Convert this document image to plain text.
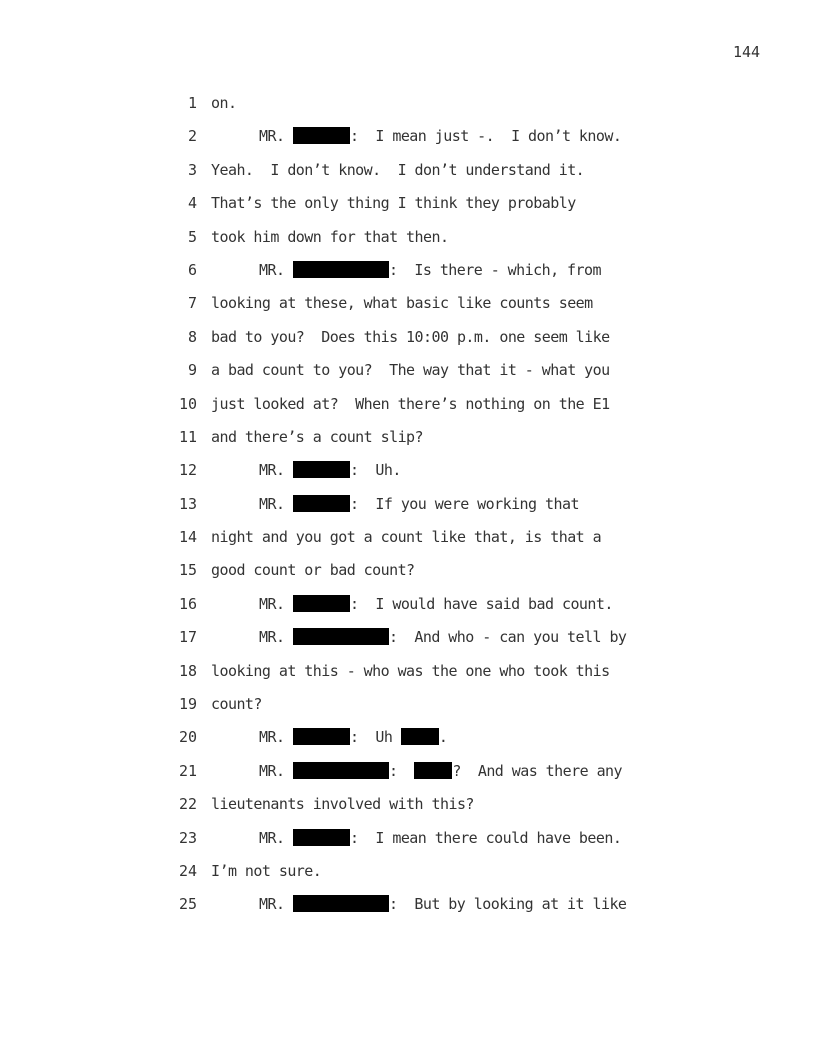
144

1

on.

2

	MR.	:  I mean just -.  I don’t know.

3

Yeah.  I don’t know.  I don’t understand it.

4

That’s the only thing I think they probably

5

took him down for that then.

6

	MR.	:  Is there - which, from

7

looking at these, what basic like counts seem

8

bad to you?  Does this 10:00 p.m. one seem like

9

a bad count to you?  The way that it - what you

10

just looked at?  When there’s nothing on the E1

11

and there’s a count slip?

12

	MR.	:  Uh.

13

	MR.	:  If you were working that

14

night and you got a count like that, is that a

15

good count or bad count?

16

	MR.	:  I would have said bad count.

17

	MR.	:  And who - can you tell by

18

looking at this - who was the one who took this

19

count?

20

	MR.	:  Uh	.

21

	MR.	:	?  And was there any

22

lieutenants involved with this?

23

	MR.	:  I mean there could have been.

24

I’m not sure.

25

	MR.	:  But by looking at it like
